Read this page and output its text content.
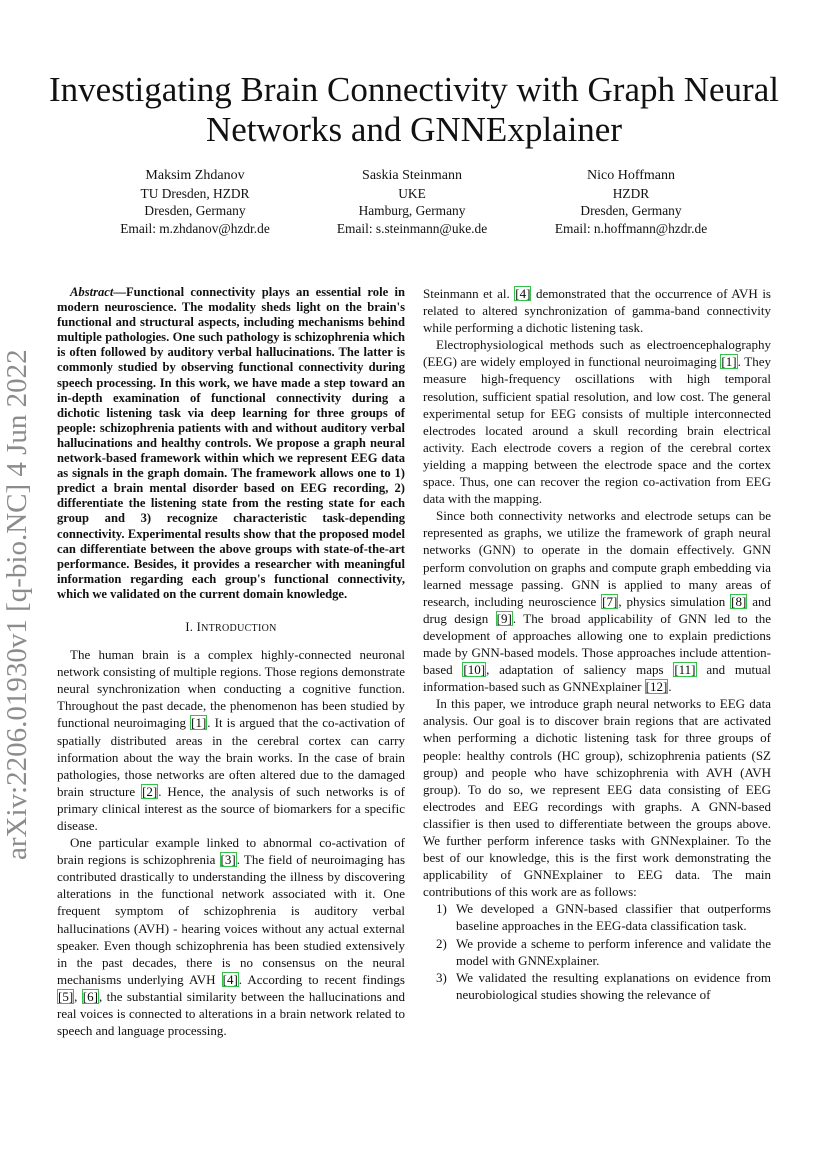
Investigating Brain Connectivity with Graph Neural Networks and GNNExplainer
Maksim Zhdanov
TU Dresden, HZDR
Dresden, Germany
Email: m.zhdanov@hzdr.de
Saskia Steinmann
UKE
Hamburg, Germany
Email: s.steinmann@uke.de
Nico Hoffmann
HZDR
Dresden, Germany
Email: n.hoffmann@hzdr.de
arXiv:2206.01930v1 [q-bio.NC] 4 Jun 2022

Abstract—Functional connectivity plays an essential role in modern neuroscience. The modality sheds light on the brain's functional and structural aspects, including mechanisms behind multiple pathologies. One such pathology is schizophrenia which is often followed by auditory verbal hallucinations. The latter is commonly studied by observing functional connectivity during speech processing. In this work, we have made a step toward an in-depth examination of functional connectivity during a dichotic listening task via deep learning for three groups of people: schizophrenia patients with and without auditory verbal hallucinations and healthy controls. We propose a graph neural network-based framework within which we represent EEG data as signals in the graph domain. The framework allows one to 1) predict a brain mental disorder based on EEG recording, 2) differentiate the listening state from the resting state for each group and 3) recognize characteristic task-depending connectivity. Experimental results show that the proposed model can differentiate between the above groups with state-of-the-art performance. Besides, it provides a researcher with meaningful information regarding each group's functional connectivity, which we validated on the current domain knowledge.

I. INTRODUCTION

The human brain is a complex highly-connected neuronal network consisting of multiple regions. Those regions demonstrate neural synchronization when conducting a cognitive function. Throughout the past decade, the phenomenon has been studied by functional neuroimaging [1]. It is argued that the co-activation of spatially distributed areas in the cerebral cortex can carry information about the way the brain works. In the case of brain pathologies, those networks are often altered due to the damaged brain structure [2]. Hence, the analysis of such networks is of primary clinical interest as the source of biomarkers for a specific disease.

One particular example linked to abnormal co-activation of brain regions is schizophrenia [3]. The field of neuroimaging has contributed drastically to understanding the illness by discovering alterations in the functional network associated with it. One frequent symptom of schizophrenia is auditory verbal hallucinations (AVH) - hearing voices without any actual external speaker. Even though schizophrenia has been studied extensively in the past decades, there is no consensus on the neural mechanisms underlying AVH [4]. According to recent findings [5], [6], the substantial similarity between the hallucinations and real voices is connected to alterations in a brain network related to speech and language processing.

Steinmann et al. [4] demonstrated that the occurrence of AVH is related to altered synchronization of gamma-band connectivity while performing a dichotic listening task.

Electrophysiological methods such as electroencephalography (EEG) are widely employed in functional neuroimaging [1]. They measure high-frequency oscillations with high temporal resolution, sufficient spatial resolution, and low cost. The general experimental setup for EEG consists of multiple interconnected electrodes located around a skull recording brain electrical activity. Each electrode covers a region of the cerebral cortex yielding a mapping between the electrode space and the cortex space. Thus, one can recover the region co-activation from EEG data with the mapping.

Since both connectivity networks and electrode setups can be represented as graphs, we utilize the framework of graph neural networks (GNN) to operate in the domain effectively. GNN perform convolution on graphs and compute graph embedding via learned message passing. GNN is applied to many areas of research, including neuroscience [7], physics simulation [8] and drug design [9]. The broad applicability of GNN led to the development of approaches allowing one to explain predictions made by GNN-based models. Those approaches include attention-based [10], adaptation of saliency maps [11] and mutual information-based such as GNNExplainer [12].

In this paper, we introduce graph neural networks to EEG data analysis. Our goal is to discover brain regions that are activated when performing a dichotic listening task for three groups of people: healthy controls (HC group), schizophrenia patients (SZ group) and people who have schizophrenia with AVH (AVH group). To do so, we represent EEG data consisting of EEG electrodes and EEG recordings with graphs. A GNN-based classifier is then used to differentiate between the groups above. We further perform inference tasks with GNNexplainer. To the best of our knowledge, this is the first work demonstrating the applicability of GNNExplainer to EEG data. The main contributions of this work are as follows:

1) We developed a GNN-based classifier that outperforms baseline approaches in the EEG-data classification task.
2) We provide a scheme to perform inference and validate the model with GNNExplainer.
3) We validated the resulting explanations on evidence from neurobiological studies showing the relevance of
